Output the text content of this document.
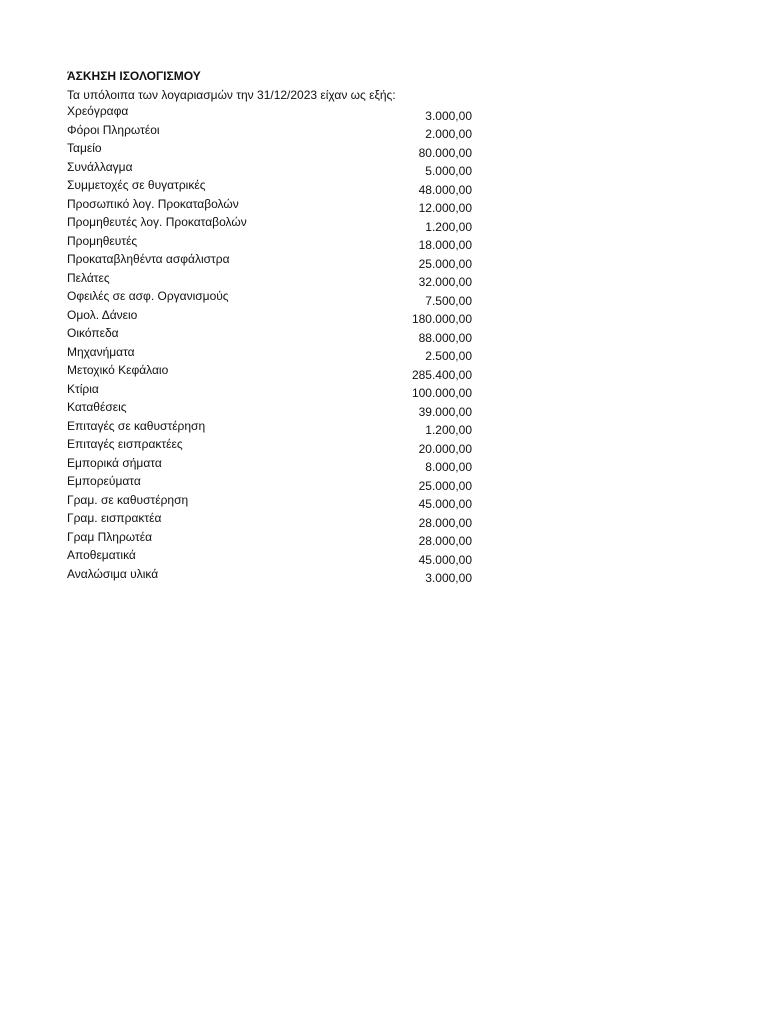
ΆΣΚΗΣΗ ΙΣΟΛΟΓΙΣΜΟΥ
Τα υπόλοιπα των λογαριασμών την 31/12/2023 είχαν ως εξής:
Χρεόγραφα	3.000,00
Φόροι Πληρωτέοι	2.000,00
Ταμείο	80.000,00
Συνάλλαγμα	5.000,00
Συμμετοχές σε θυγατρικές	48.000,00
Προσωπικό λογ. Προκαταβολών	12.000,00
Προμηθευτές λογ. Προκαταβολών	1.200,00
Προμηθευτές	18.000,00
Προκαταβληθέντα ασφάλιστρα	25.000,00
Πελάτες	32.000,00
Οφειλές σε ασφ. Οργανισμούς	7.500,00
Ομολ. Δάνειο	180.000,00
Οικόπεδα	88.000,00
Μηχανήματα	2.500,00
Μετοχικό Κεφάλαιο	285.400,00
Κτίρια	100.000,00
Καταθέσεις	39.000,00
Επιταγές σε καθυστέρηση	1.200,00
Επιταγές εισπρακτέες	20.000,00
Εμπορικά σήματα	8.000,00
Εμπορεύματα	25.000,00
Γραμ. σε καθυστέρηση	45.000,00
Γραμ. εισπρακτέα	28.000,00
Γραμ Πληρωτέα	28.000,00
Αποθεματικά	45.000,00
Αναλώσιμα υλικά	3.000,00
